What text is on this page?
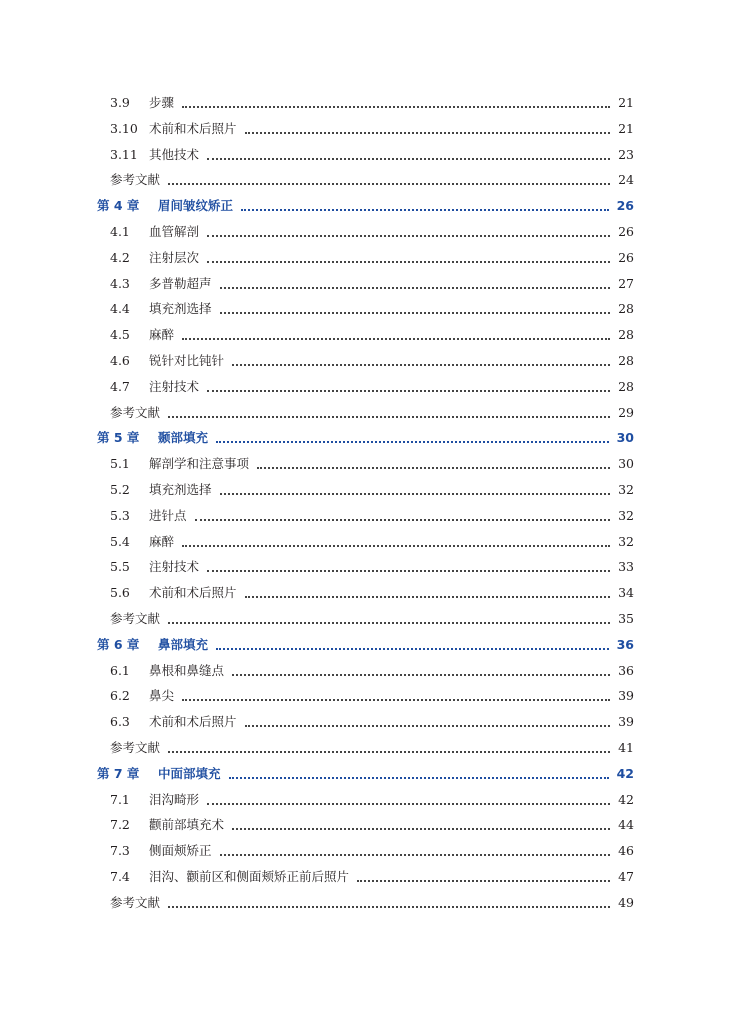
3.9 步骤	21
3.10 术前和术后照片	21
3.11 其他技术	23
参考文献	24
第 4 章 眉间皱纹矫正	26
4.1 血管解剖	26
4.2 注射层次	26
4.3 多普勒超声	27
4.4 填充剂选择	28
4.5 麻醉	28
4.6 锐针对比钝针	28
4.7 注射技术	28
参考文献	29
第 5 章 颞部填充	30
5.1 解剖学和注意事项	30
5.2 填充剂选择	32
5.3 进针点	32
5.4 麻醉	32
5.5 注射技术	33
5.6 术前和术后照片	34
参考文献	35
第 6 章 鼻部填充	36
6.1 鼻根和鼻缝点	36
6.2 鼻尖	39
6.3 术前和术后照片	39
参考文献	41
第 7 章 中面部填充	42
7.1 泪沟畸形	42
7.2 颧前部填充术	44
7.3 侧面颊矫正	46
7.4 泪沟、颧前区和侧面颊矫正前后照片	47
参考文献	49
